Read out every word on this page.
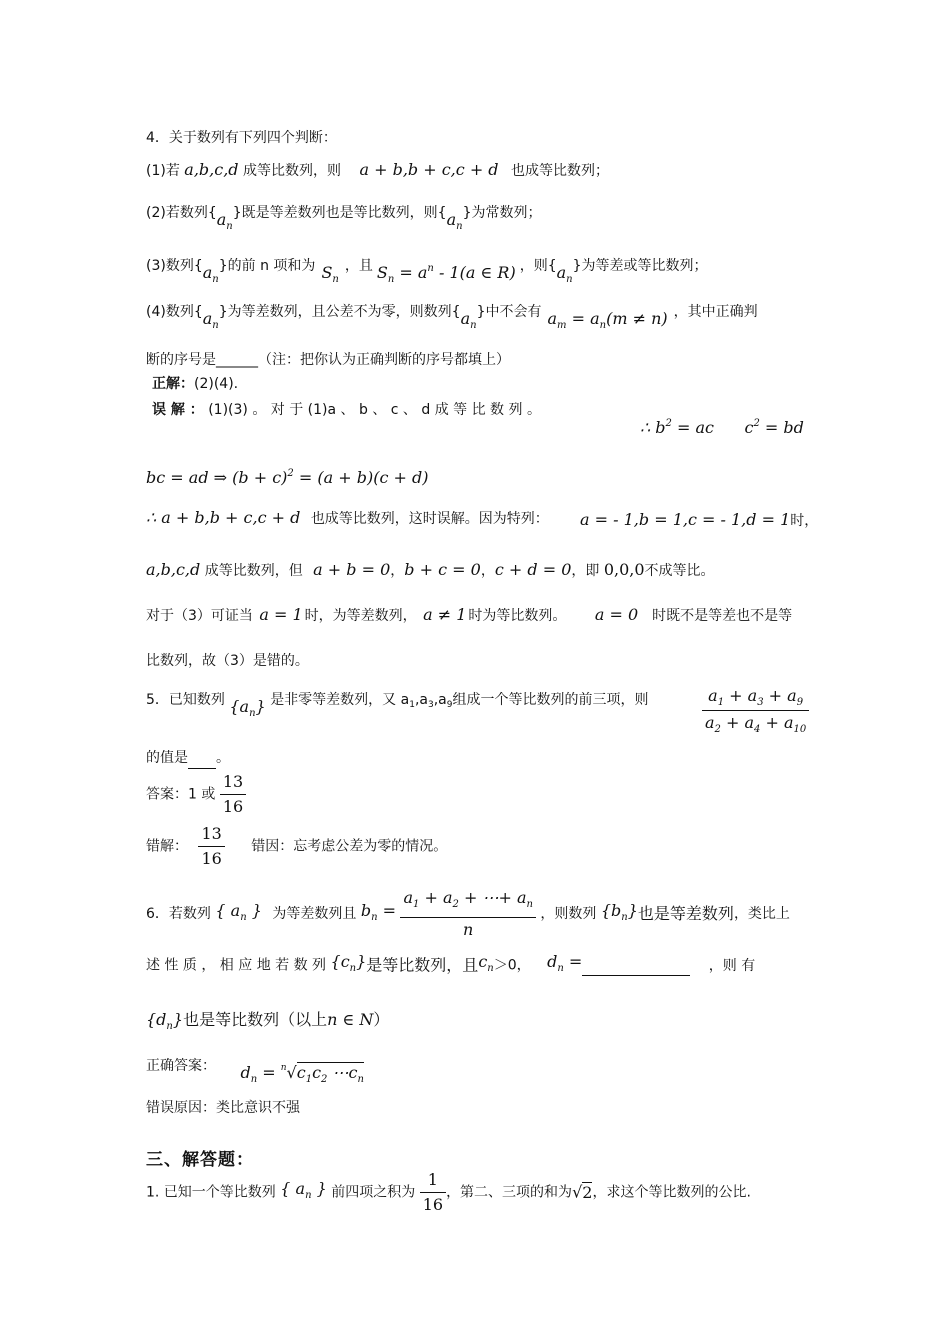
4．关于数列有下列四个判断：
(1)若 a,b,c,d 成等比数列，则 a + b,b + c,c + d 也成等比数列；
(2)若数列$\{a_n\}$既是等差数列也是等比数列，则$\{a_n\}$为常数列；
(3)数列$\{a_n\}$的前 n 项和为 $S_n$，且 $S_n = a^n - 1(a$ ∈ R) ，则$\{a_n\}$为等差或等比数列；
(4)数列$\{a_n\}$为等差数列，且公差不为零，则数列$\{a_n\}$中不会有 $a_m = a_n(m \ne n)$ ，其中正确判
断的序号是______（注：把你认为正确判断的序号都填上）
正解：(2)(4).
误 解 ： (1)(3) 。 对 于 (1)a 、 b 、 c 、 d 成 等 比 数 列 。
∴ $b^2$ = ac      $c^2$ = bd
bc = ad ⇒ $(b + c)^2 = (a + b)(c + d)$
∴ a + b,b + c,c + d 也成等比数列，这时误解。因为特列： a = - 1,b = 1,c = - 1,d = 1时，
a,b,c,d 成等比数列，但 a + b = 0，b + c = 0，c + d = 0，即 0,0,0不成等比。
对于（3）可证当 a = 1 时，为等差数列， a ≠ 1 时为等比数列。 a = 0 时既不是等差也不是等
比数列，故（3）是错的。
5．已知数列 $\{a_n\}$ 是非零等差数列，又 $a_1,a_3,a_9$组成一个等比数列的前三项，则	$\frac{a_1 + a_3 + a_9}{a_2 + a_4 + a_{10}}$
的值是 。
答案：1 或 $\frac{13}{16}$
错解： $\frac{13}{16}$ 错因：忘考虑公差为零的情况。
6．若数列 { $a_n$ } 为等差数列且 $b_n = \frac{a_1 + a_2 + \cdots+ a_n}{n}$ ，则数列 $\{b_n\}$也是等差数列，类比上
述 性 质 ， 相 应 地 若 数 列 $\{c_n\}$是等比数列，且$c_n>0$， $d_n$ =	，则 有
$\{d_n\}$也是等比数列（以上n ∈ N）
正确答案： $d_n = ^n√c_1c_2$ $\cdots c_n$
错误原因：类比意识不强
三、解答题：
1. 已知一个等比数列 { $a_n$ } 前四项之积为 $\frac{1}{16}$ ，第二、三项的和为√2，求这个等比数列的公比.
